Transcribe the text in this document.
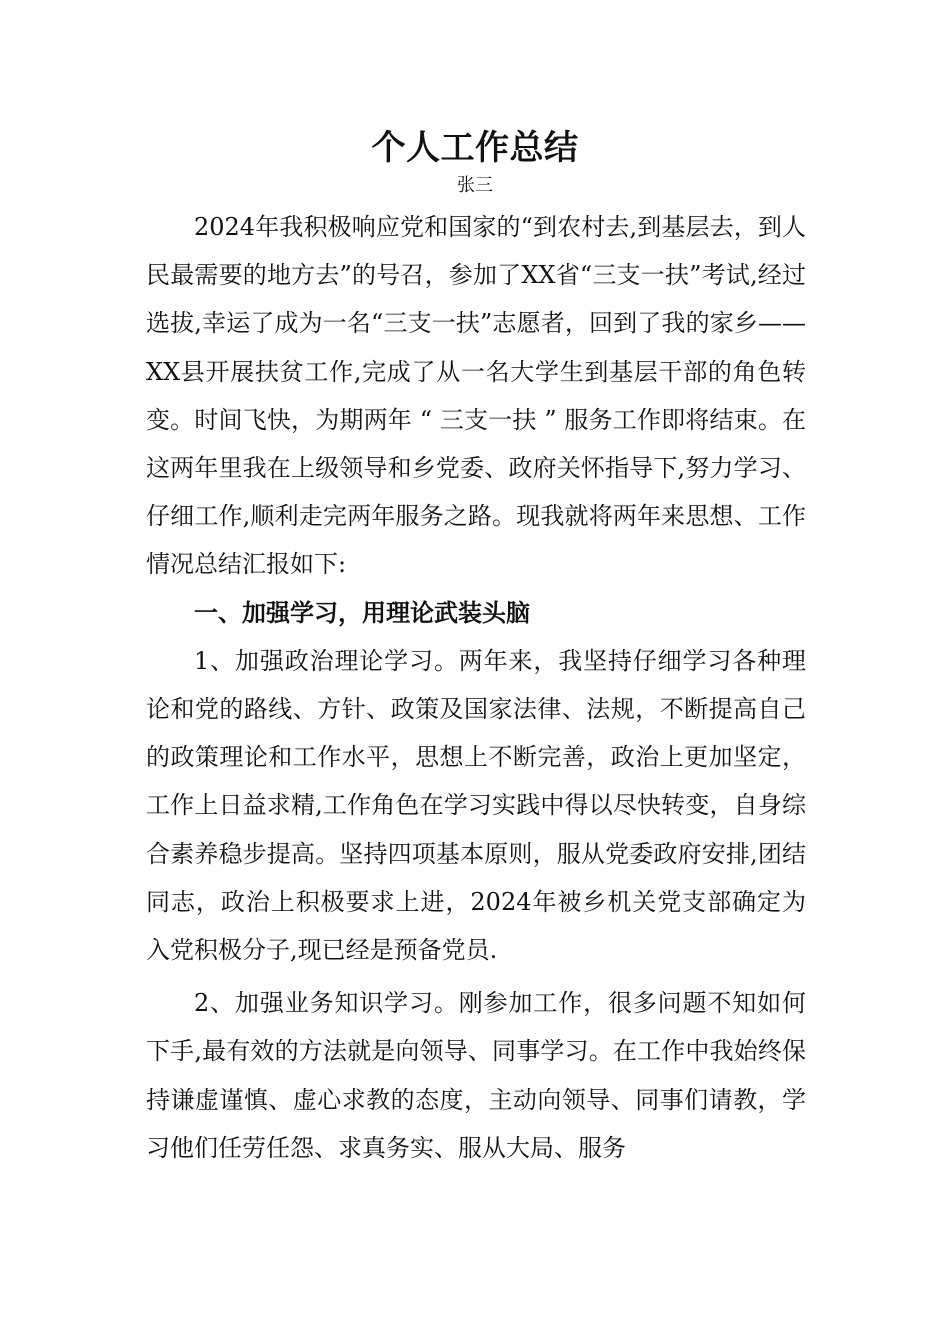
个人工作总结
张三

2024年我积极响应党和国家的“到农村去,到基层去，到人民最需要的地方去”的号召，参加了XX省“三支一扶”考试,经过选拔,幸运了成为一名“三支一扶”志愿者，回到了我的家乡——XX县开展扶贫工作,完成了从一名大学生到基层干部的角色转变。时间飞快，为期两年 “ 三支一扶 ” 服务工作即将结束。在这两年里我在上级领导和乡党委、政府关怀指导下,努力学习、仔细工作,顺利走完两年服务之路。现我就将两年来思想、工作情况总结汇报如下:

一、加强学习，用理论武装头脑

1、加强政治理论学习。两年来，我坚持仔细学习各种理论和党的路线、方针、政策及国家法律、法规，不断提高自己的政策理论和工作水平，思想上不断完善，政治上更加坚定，工作上日益求精,工作角色在学习实践中得以尽快转变，自身综合素养稳步提高。坚持四项基本原则，服从党委政府安排,团结同志，政治上积极要求上进，2024年被乡机关党支部确定为入党积极分子,现已经是预备党员.

2、加强业务知识学习。刚参加工作，很多问题不知如何下手,最有效的方法就是向领导、同事学习。在工作中我始终保持谦虚谨慎、虚心求教的态度，主动向领导、同事们请教，学习他们任劳任怨、求真务实、服从大局、服务
